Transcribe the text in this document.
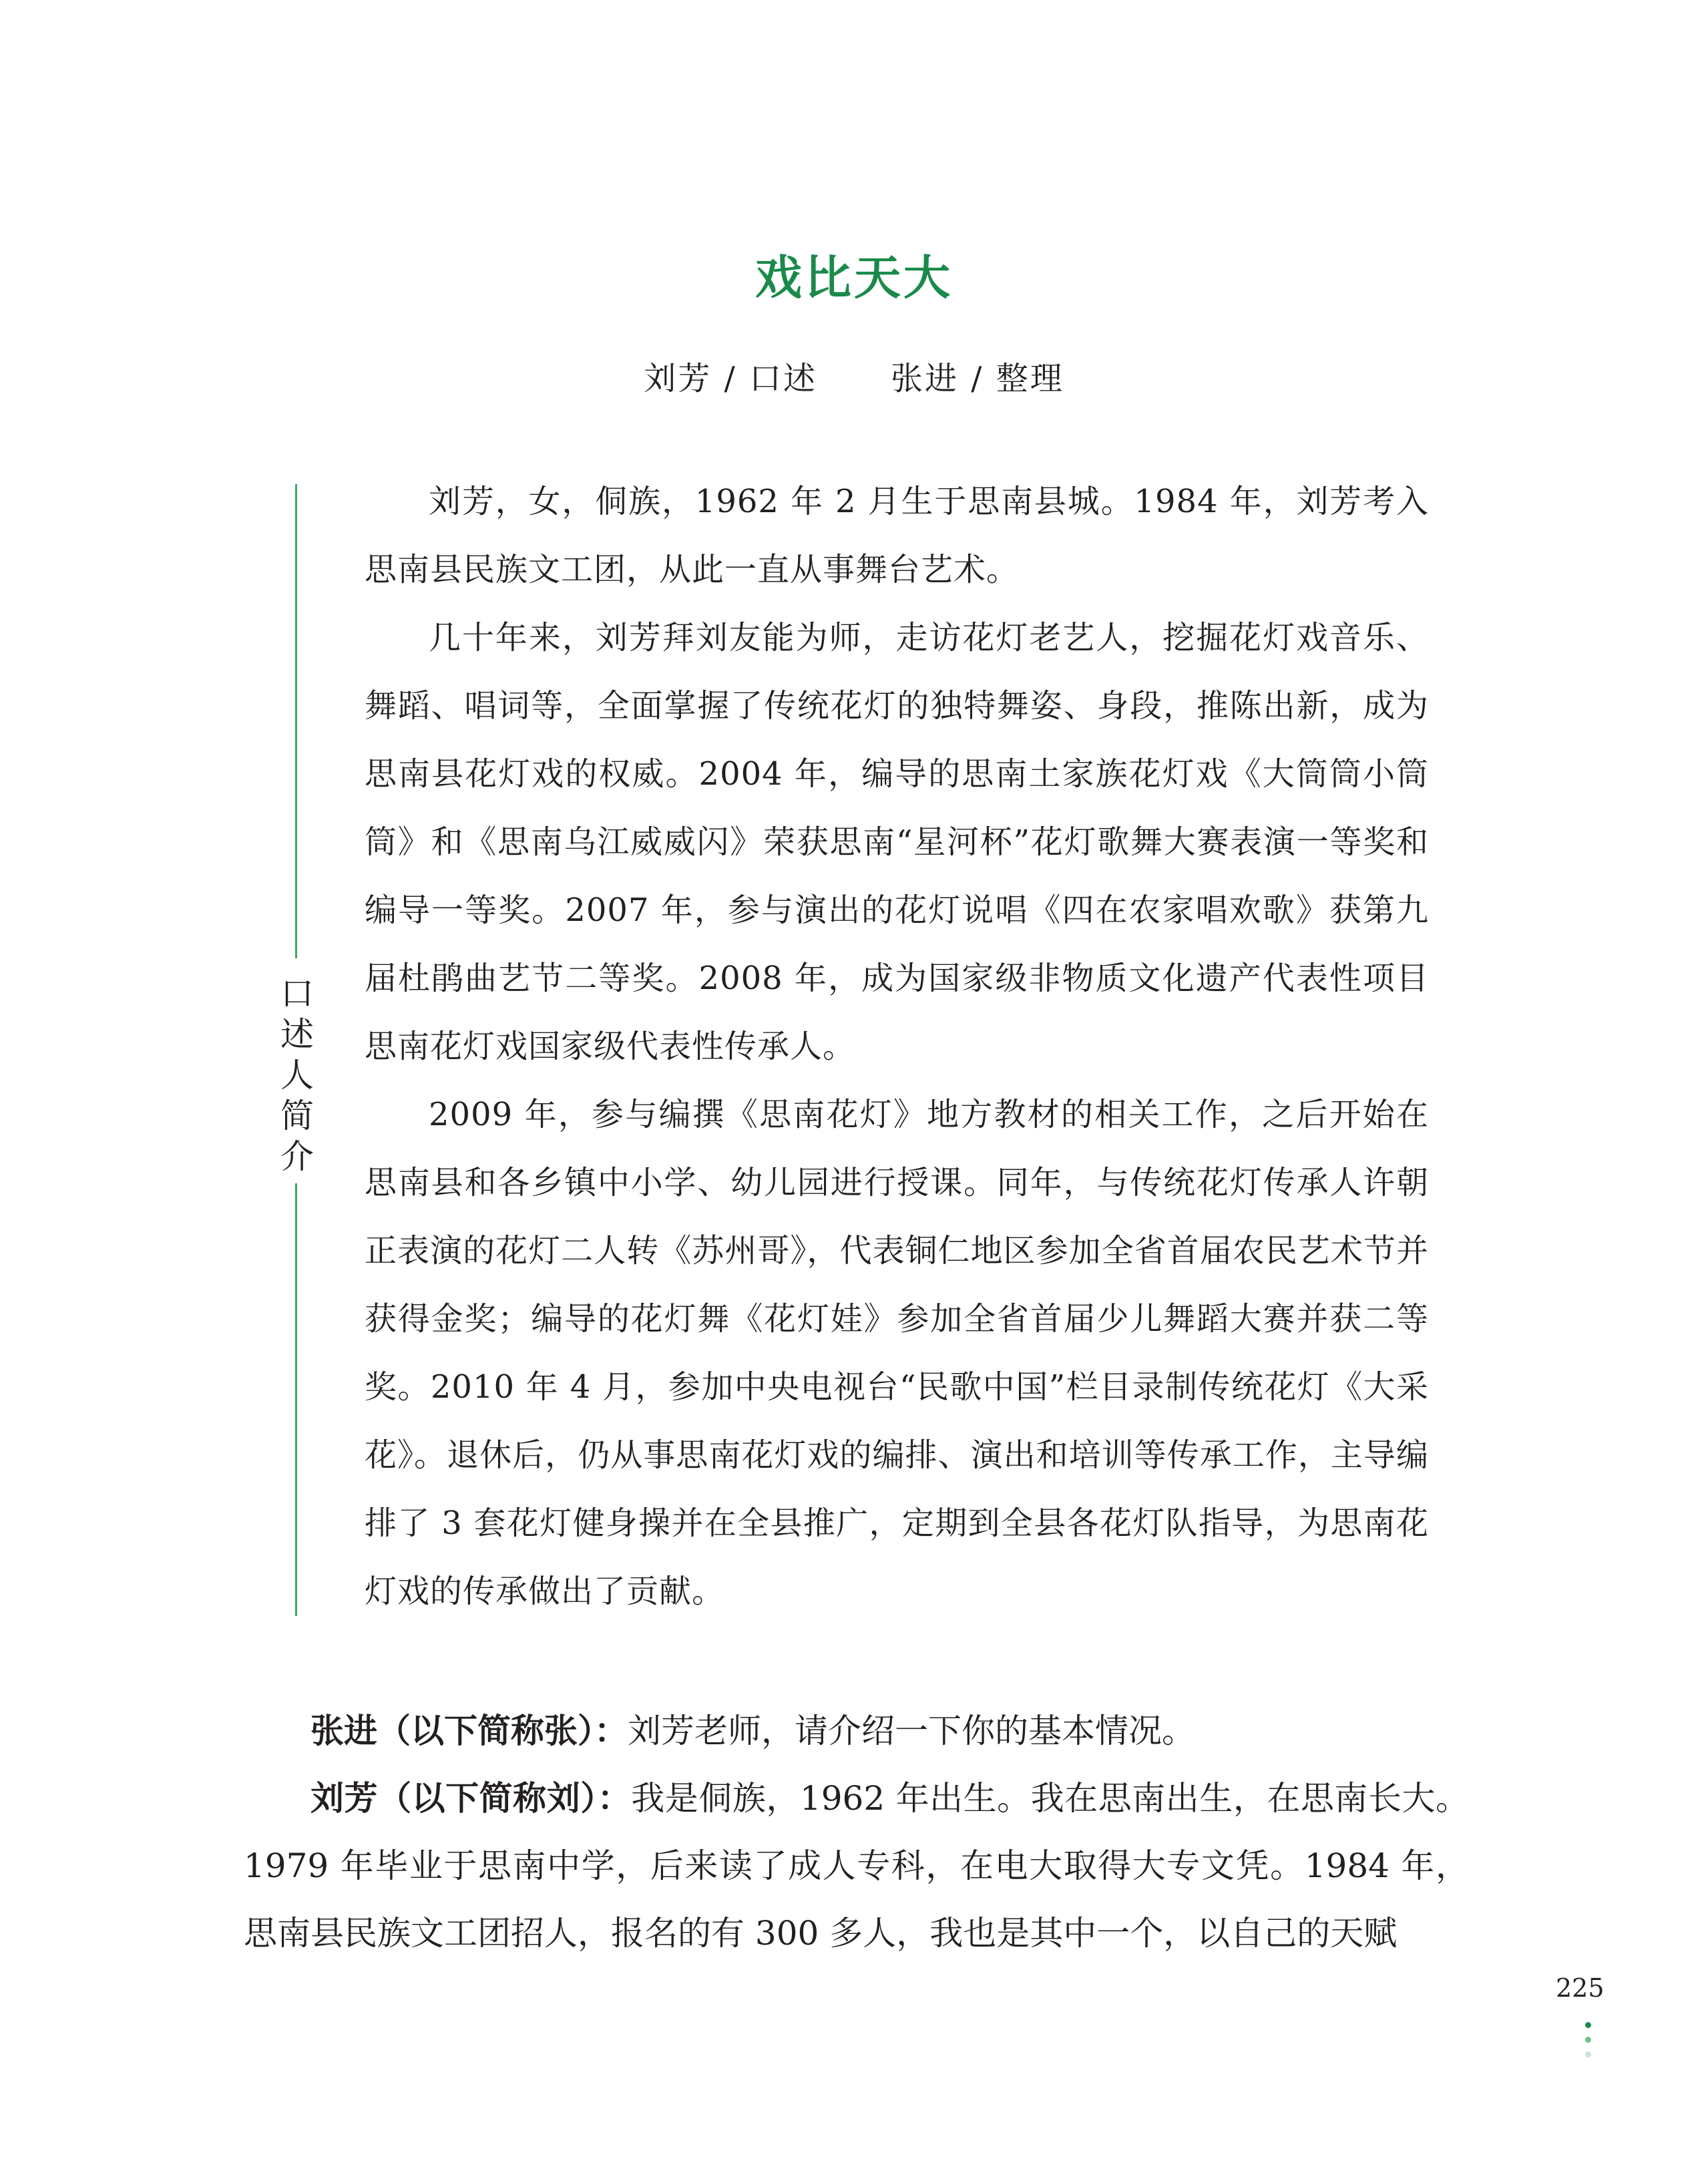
戏比天大
刘芳 / 口述 张进 / 整理
口
述
人
简
介

刘芳，女，侗族，1962 年 2 月生于思南县城。1984 年，刘芳考入思南县民族文工团，从此一直从事舞台艺术。

几十年来，刘芳拜刘友能为师，走访花灯老艺人，挖掘花灯戏音乐、舞蹈、唱词等，全面掌握了传统花灯的独特舞姿、身段，推陈出新，成为思南县花灯戏的权威。2004 年，编导的思南土家族花灯戏《大筒筒小筒筒》和《思南乌江威威闪》荣获思南“星河杯”花灯歌舞大赛表演一等奖和编导一等奖。2007 年，参与演出的花灯说唱《四在农家唱欢歌》获第九届杜鹃曲艺节二等奖。2008 年，成为国家级非物质文化遗产代表性项目思南花灯戏国家级代表性传承人。

2009 年，参与编撰《思南花灯》地方教材的相关工作，之后开始在思南县和各乡镇中小学、幼儿园进行授课。同年，与传统花灯传承人许朝正表演的花灯二人转《苏州哥》，代表铜仁地区参加全省首届农民艺术节并获得金奖；编导的花灯舞《花灯娃》参加全省首届少儿舞蹈大赛并获二等奖。2010 年 4 月，参加中央电视台“民歌中国”栏目录制传统花灯《大采花》。退休后，仍从事思南花灯戏的编排、演出和培训等传承工作，主导编排了 3 套花灯健身操并在全县推广，定期到全县各花灯队指导，为思南花灯戏的传承做出了贡献。

张进（以下简称张）：刘芳老师，请介绍一下你的基本情况。

刘芳（以下简称刘）：我是侗族，1962 年出生。我在思南出生，在思南长大。1979 年毕业于思南中学，后来读了成人专科，在电大取得大专文凭。1984 年，思南县民族文工团招人，报名的有 300 多人，我也是其中一个，以自己的天赋

225
